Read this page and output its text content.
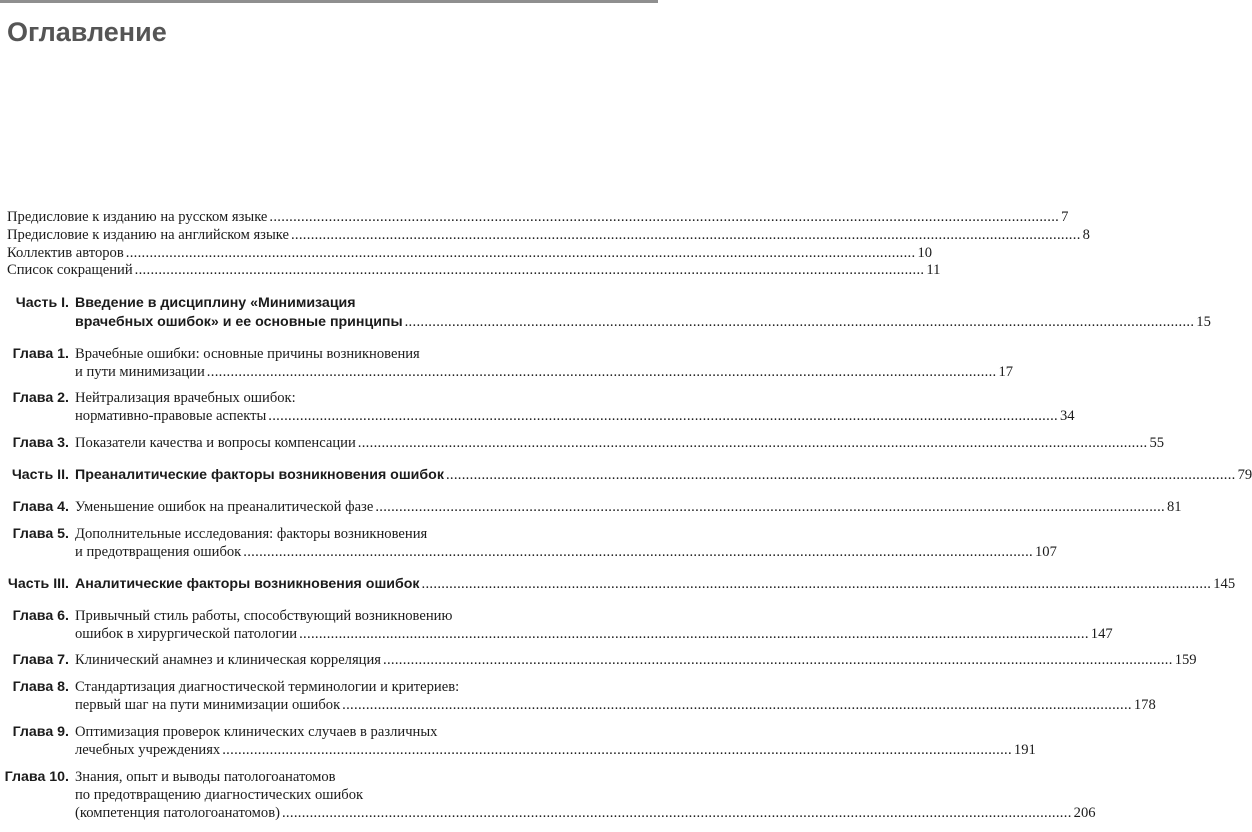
Оглавление
Предисловие к изданию на русском языке ........................................................................................................................................................................................................ 7
Предисловие к изданию на английском языке ........................................................................................................................................................................................................ 8
Коллектив авторов ........................................................................................................................................................................................................ 10
Список сокращений ........................................................................................................................................................................................................ 11
Часть I. Введение в дисциплину «Минимизация
врачебных ошибок» и ее основные принципы ........................................................................................................................................................................................................ 15
Глава 1. Врачебные ошибки: основные причины возникновения
и пути минимизации ........................................................................................................................................................................................................ 17
Глава 2. Нейтрализация врачебных ошибок:
нормативно-правовые аспекты ........................................................................................................................................................................................................ 34
Глава 3. Показатели качества и вопросы компенсации ........................................................................................................................................................................................................ 55
Часть II. Преаналитические факторы возникновения ошибок ........................................................................................................................................................................................................ 79
Глава 4. Уменьшение ошибок на преаналитической фазе ........................................................................................................................................................................................................ 81
Глава 5. Дополнительные исследования: факторы возникновения
и предотвращения ошибок ........................................................................................................................................................................................................ 107
Часть III. Аналитические факторы возникновения ошибок ........................................................................................................................................................................................................ 145
Глава 6. Привычный стиль работы, способствующий возникновению
ошибок в хирургической патологии ........................................................................................................................................................................................................ 147
Глава 7. Клинический анамнез и клиническая корреляция ........................................................................................................................................................................................................ 159
Глава 8. Стандартизация диагностической терминологии и критериев:
первый шаг на пути минимизации ошибок ........................................................................................................................................................................................................ 178
Глава 9. Оптимизация проверок клинических случаев в различных
лечебных учреждениях ........................................................................................................................................................................................................ 191
Глава 10. Знания, опыт и выводы патологоанатомов
по предотвращению диагностических ошибок
(компетенция патологоанатомов) ........................................................................................................................................................................................................ 206
